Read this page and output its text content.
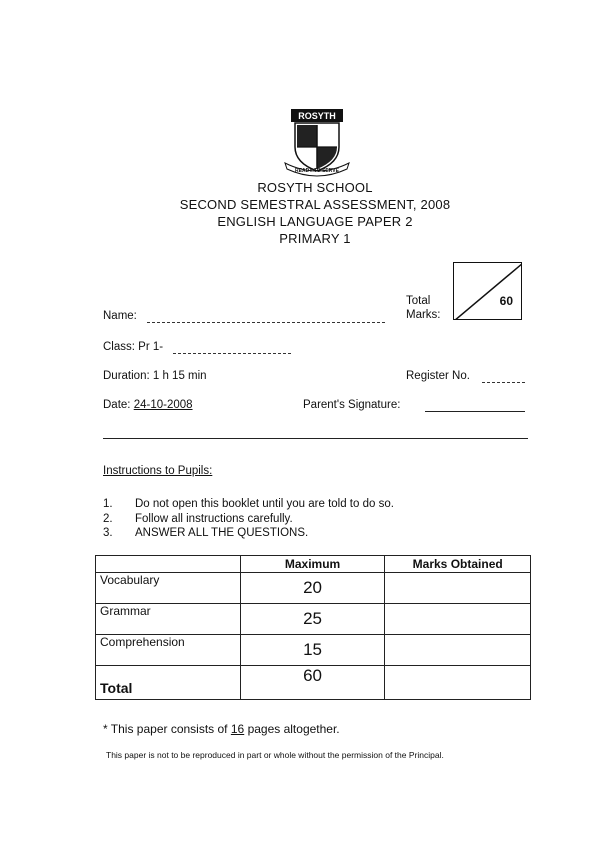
ROSYTH
READY TO SERVE
ROSYTH SCHOOL
SECOND SEMESTRAL ASSESSMENT, 2008
ENGLISH LANGUAGE PAPER 2
PRIMARY 1
Total
Marks:
60
Name:
Class: Pr 1-
Duration: 1 h 15 min	Register No.
Date: 24-10-2008	Parent's Signature:
Instructions to Pupils:
1. Do not open this booklet until you are told to do so.
2. Follow all instructions carefully.
3. ANSWER ALL THE QUESTIONS.
	Maximum	Marks Obtained
Vocabulary	20	
Grammar	25	
Comprehension	15	
Total	60	
* This paper consists of 16 pages altogether.
This paper is not to be reproduced in part or whole without the permission of the Principal.
